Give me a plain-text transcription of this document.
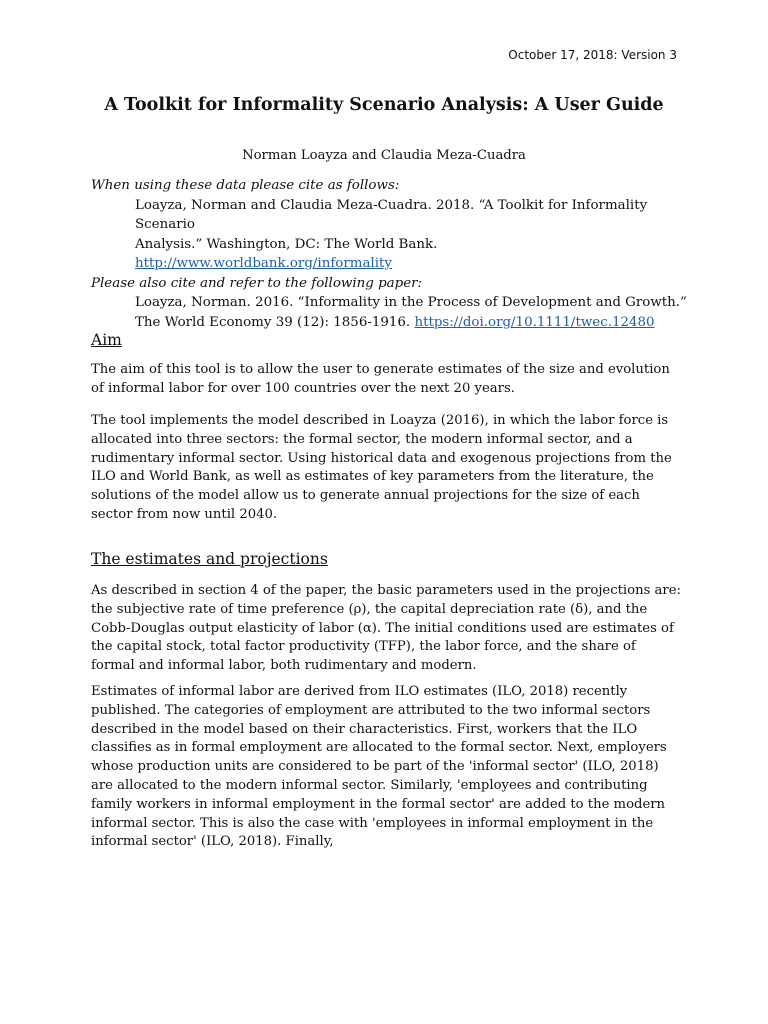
October 17, 2018: Version 3
A Toolkit for Informality Scenario Analysis: A User Guide
Norman Loayza and Claudia Meza-Cuadra
When using these data please cite as follows:
Loayza, Norman and Claudia Meza-Cuadra. 2018. “A Toolkit for Informality Scenario
Analysis.” Washington, DC: The World Bank.
http://www.worldbank.org/informality
Please also cite and refer to the following paper:
Loayza, Norman. 2016. “Informality in the Process of Development and Growth.”
The World Economy 39 (12): 1856-1916. https://doi.org/10.1111/twec.12480
Aim

The aim of this tool is to allow the user to generate estimates of the size and evolution of informal labor for over 100 countries over the next 20 years.

The tool implements the model described in Loayza (2016), in which the labor force is allocated into three sectors: the formal sector, the modern informal sector, and a rudimentary informal sector. Using historical data and exogenous projections from the ILO and World Bank, as well as estimates of key parameters from the literature, the solutions of the model allow us to generate annual projections for the size of each sector from now until 2040.

The estimates and projections

As described in section 4 of the paper, the basic parameters used in the projections are: the subjective rate of time preference (ρ), the capital depreciation rate (δ), and the Cobb-Douglas output elasticity of labor (α). The initial conditions used are estimates of the capital stock, total factor productivity (TFP), the labor force, and the share of formal and informal labor, both rudimentary and modern.

Estimates of informal labor are derived from ILO estimates (ILO, 2018) recently published. The categories of employment are attributed to the two informal sectors described in the model based on their characteristics. First, workers that the ILO classifies as in formal employment are allocated to the formal sector. Next, employers whose production units are considered to be part of the 'informal sector' (ILO, 2018) are allocated to the modern informal sector. Similarly, 'employees and contributing family workers in informal employment in the formal sector' are added to the modern informal sector. This is also the case with 'employees in informal employment in the informal sector' (ILO, 2018). Finally,
